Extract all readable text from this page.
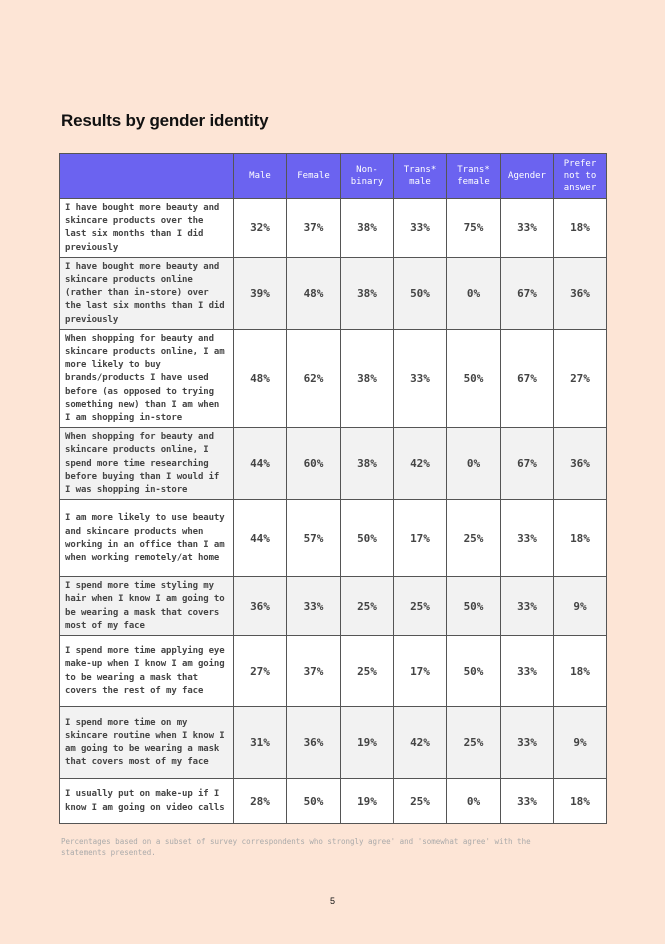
Results by gender identity
	Male	Female	Non-binary	Trans* male	Trans* female	Agender	Prefer not to answer
I have bought more beauty and skincare products over the last six months than I did previously	32%	37%	38%	33%	75%	33%	18%
I have bought more beauty and skincare products online (rather than in-store) over the last six months than I did previously	39%	48%	38%	50%	0%	67%	36%
When shopping for beauty and skincare products online, I am more likely to buy brands/products I have used before (as opposed to trying something new) than I am when I am shopping in-store	48%	62%	38%	33%	50%	67%	27%
When shopping for beauty and skincare products online, I spend more time researching before buying than I would if I was shopping in-store	44%	60%	38%	42%	0%	67%	36%
I am more likely to use beauty and skincare products when working in an office than I am when working remotely/at home	44%	57%	50%	17%	25%	33%	18%
I spend more time styling my hair when I know I am going to be wearing a mask that covers most of my face	36%	33%	25%	25%	50%	33%	9%
I spend more time applying eye make-up when I know I am going to be wearing a mask that covers the rest of my face	27%	37%	25%	17%	50%	33%	18%
I spend more time on my skincare routine when I know I am going to be wearing a mask that covers most of my face	31%	36%	19%	42%	25%	33%	9%
I usually put on make-up if I know I am going on video calls	28%	50%	19%	25%	0%	33%	18%
Percentages based on a subset of survey correspondents who strongly agree' and 'somewhat agree' with the statements presented.
5
